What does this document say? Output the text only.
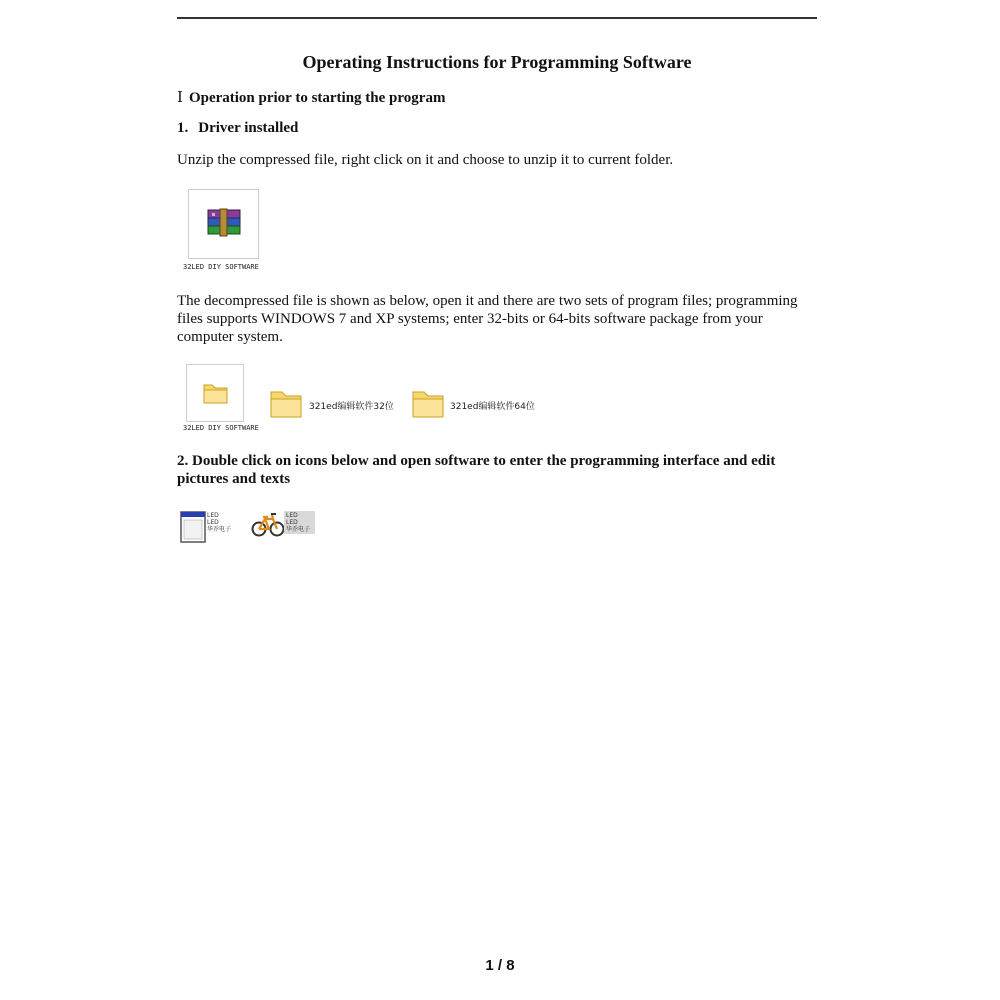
Operating Instructions for Programming Software
Ⅰ Operation prior to starting the program
1. Driver installed
Unzip the compressed file, right click on it and choose to unzip it to current folder.
32LED DIY SOFTWARE
The decompressed file is shown as below, open it and there are two sets of program files; programming files supports WINDOWS 7 and XP systems; enter 32-bits or 64-bits software package from your computer system.
32LED DIY SOFTWARE
321ed编辑软件32位	321ed编辑软件64位
2. Double click on icons below and open software to enter the programming interface and edit pictures and texts
LED
LED
华乔电子
LED
LED
华乔电子
1 / 8
